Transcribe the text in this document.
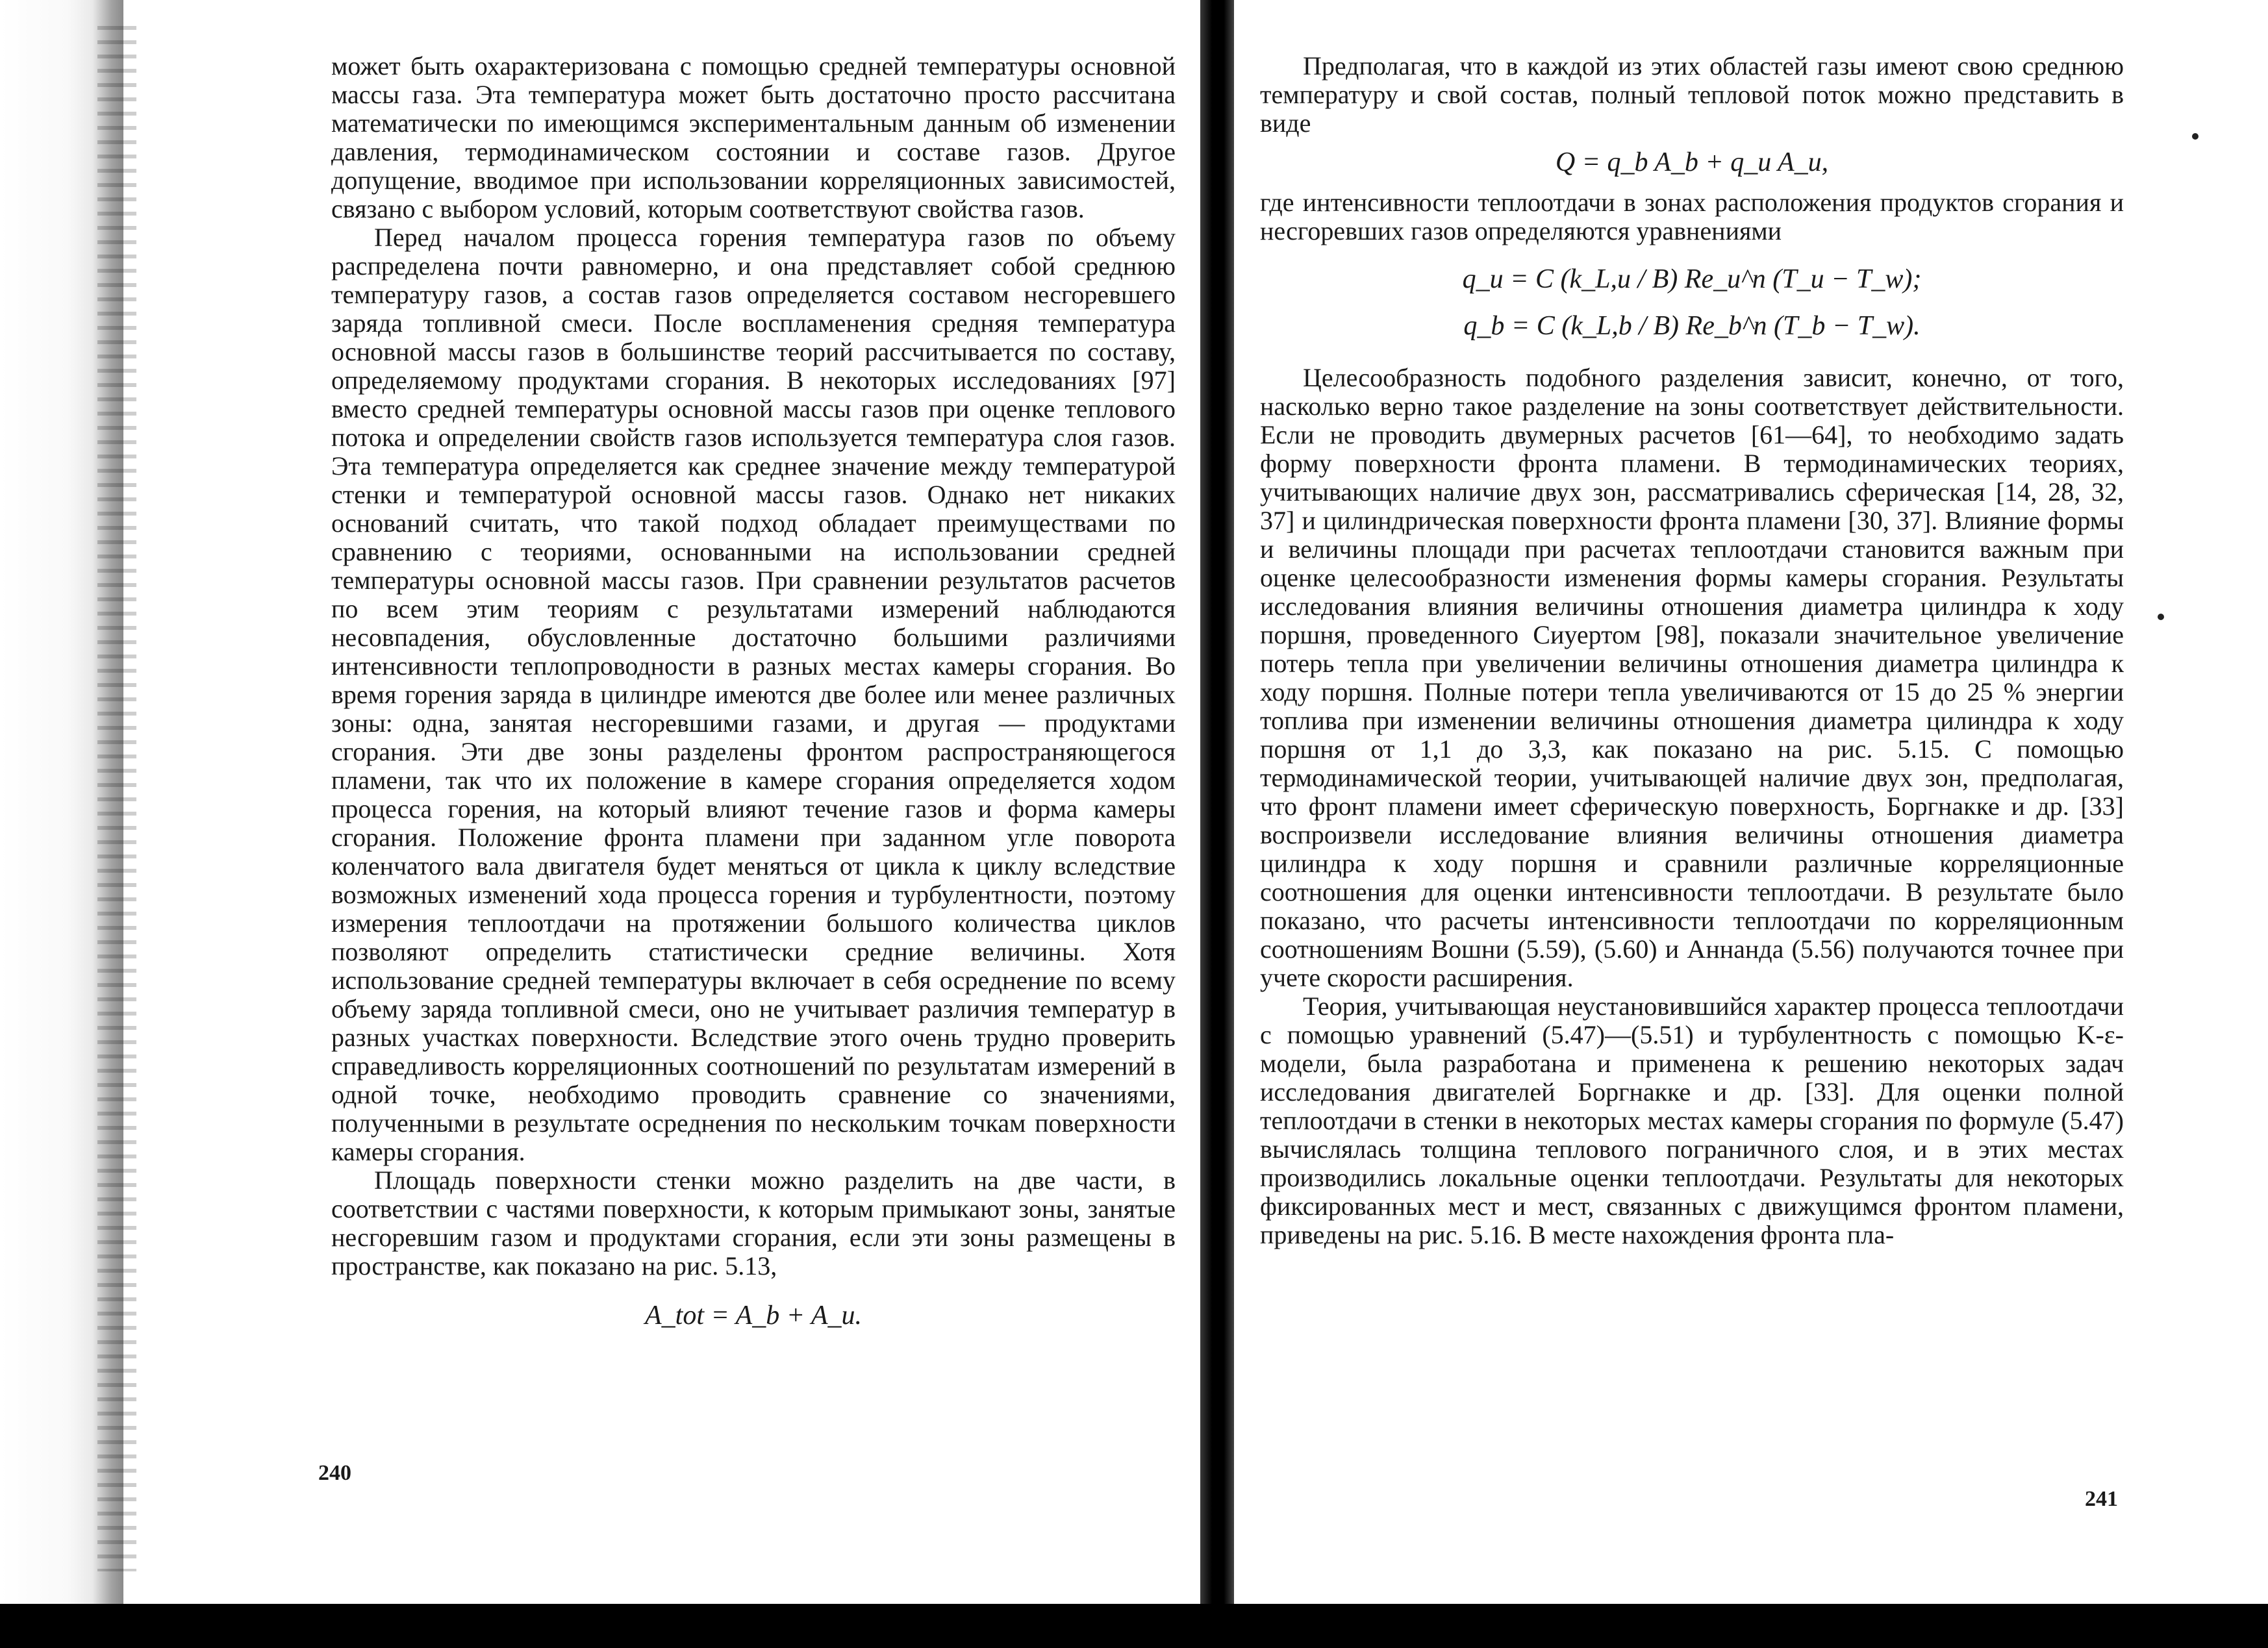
может быть охарактеризована с помощью средней температуры основной массы газа. Эта температура может быть достаточно просто рассчитана математически по имеющимся экспериментальным данным об изменении давления, термодинамическом состоянии и составе газов. Другое допущение, вводимое при использовании корреляционных зависимостей, связано с выбором условий, которым соответствуют свойства газов.

Перед началом процесса горения температура газов по объему распределена почти равномерно, и она представляет собой среднюю температуру газов, а состав газов определяется составом несгоревшего заряда топливной смеси. После воспламенения средняя температура основной массы газов в большинстве теорий рассчитывается по составу, определяемому продуктами сгорания. В некоторых исследованиях [97] вместо средней температуры основной массы газов при оценке теплового потока и определении свойств газов используется температура слоя газов. Эта температура определяется как среднее значение между температурой стенки и температурой основной массы газов. Однако нет никаких оснований считать, что такой подход обладает преимуществами по сравнению с теориями, основанными на использовании средней температуры основной массы газов. При сравнении результатов расчетов по всем этим теориям с результатами измерений наблюдаются несовпадения, обусловленные достаточно большими различиями интенсивности теплопроводности в разных местах камеры сгорания. Во время горения заряда в цилиндре имеются две более или менее различных зоны: одна, занятая несгоревшими газами, и другая — продуктами сгорания. Эти две зоны разделены фронтом распространяющегося пламени, так что их положение в камере сгорания определяется ходом процесса горения, на который влияют течение газов и форма камеры сгорания. Положение фронта пламени при заданном угле поворота коленчатого вала двигателя будет меняться от цикла к циклу вследствие возможных изменений хода процесса горения и турбулентности, поэтому измерения теплоотдачи на протяжении большого количества циклов позволяют определить статистически средние величины. Хотя использование средней температуры включает в себя осреднение по всему объему заряда топливной смеси, оно не учитывает различия температур в разных участках поверхности. Вследствие этого очень трудно проверить справедливость корреляционных соотношений по результатам измерений в одной точке, необходимо проводить сравнение со значениями, полученными в результате осреднения по нескольким точкам поверхности камеры сгорания.

Площадь поверхности стенки можно разделить на две части, в соответствии с частями поверхности, к которым примыкают зоны, занятые несгоревшим газом и продуктами сгорания, если эти зоны размещены в пространстве, как показано на рис. 5.13,

A_tot = A_b + A_u.
240

Предполагая, что в каждой из этих областей газы имеют свою среднюю температуру и свой состав, полный тепловой поток можно представить в виде

Q = q_b A_b + q_u A_u,

где интенсивности теплоотдачи в зонах расположения продуктов сгорания и несгоревших газов определяются уравнениями

q_u = C (k_L,u / B) Re_u^n (T_u − T_w);
q_b = C (k_L,b / B) Re_b^n (T_b − T_w).

Целесообразность подобного разделения зависит, конечно, от того, насколько верно такое разделение на зоны соответствует действительности. Если не проводить двумерных расчетов [61—64], то необходимо задать форму поверхности фронта пламени. В термодинамических теориях, учитывающих наличие двух зон, рассматривались сферическая [14, 28, 32, 37] и цилиндрическая поверхности фронта пламени [30, 37]. Влияние формы и величины площади при расчетах теплоотдачи становится важным при оценке целесообразности изменения формы камеры сгорания. Результаты исследования влияния величины отношения диаметра цилиндра к ходу поршня, проведенного Сиуертом [98], показали значительное увеличение потерь тепла при увеличении величины отношения диаметра цилиндра к ходу поршня. Полные потери тепла увеличиваются от 15 до 25 % энергии топлива при изменении величины отношения диаметра цилиндра к ходу поршня от 1,1 до 3,3, как показано на рис. 5.15. С помощью термодинамической теории, учитывающей наличие двух зон, предполагая, что фронт пламени имеет сферическую поверхность, Боргнакке и др. [33] воспроизвели исследование влияния величины отношения диаметра цилиндра к ходу поршня и сравнили различные корреляционные соотношения для оценки интенсивности теплоотдачи. В результате было показано, что расчеты интенсивности теплоотдачи по корреляционным соотношениям Вошни (5.59), (5.60) и Аннанда (5.56) получаются точнее при учете скорости расширения.

Теория, учитывающая неустановившийся характер процесса теплоотдачи с помощью уравнений (5.47)—(5.51) и турбулентность с помощью K-ε-модели, была разработана и применена к решению некоторых задач исследования двигателей Боргнакке и др. [33]. Для оценки полной теплоотдачи в стенки в некоторых местах камеры сгорания по формуле (5.47) вычислялась толщина теплового пограничного слоя, и в этих местах производились локальные оценки теплоотдачи. Результаты для некоторых фиксированных мест и мест, связанных с движущимся фронтом пламени, приведены на рис. 5.16. В месте нахождения фронта пла-

241
